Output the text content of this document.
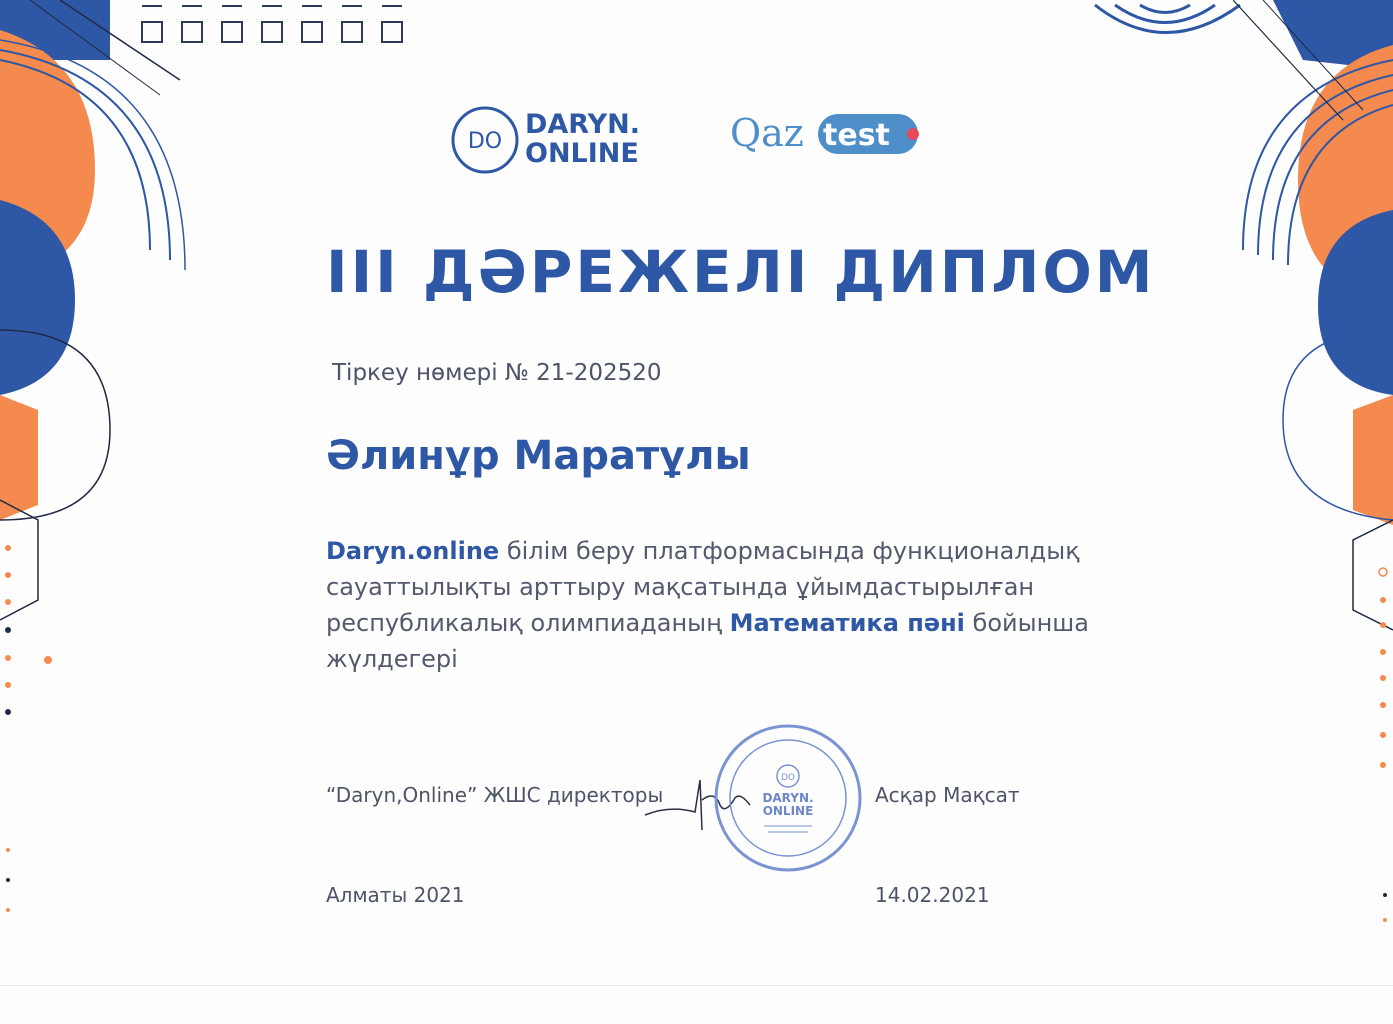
DO
DARYN.
ONLINE Qaz test
III ДӘРЕЖЕЛІ ДИПЛОМ
Тіркеу нөмері № 21-202520
Әлинұр Маратұлы
Daryn.online білім беру платформасында функционалдық сауаттылықты арттыру мақсатында ұйымдастырылған республикалық олимпиаданың Математика пәні бойынша жүлдегері
“Daryn,Online” ЖШС директоры
DO
DARYN.
ONLINE
Асқар Мақсат
Алматы 2021	14.02.2021
